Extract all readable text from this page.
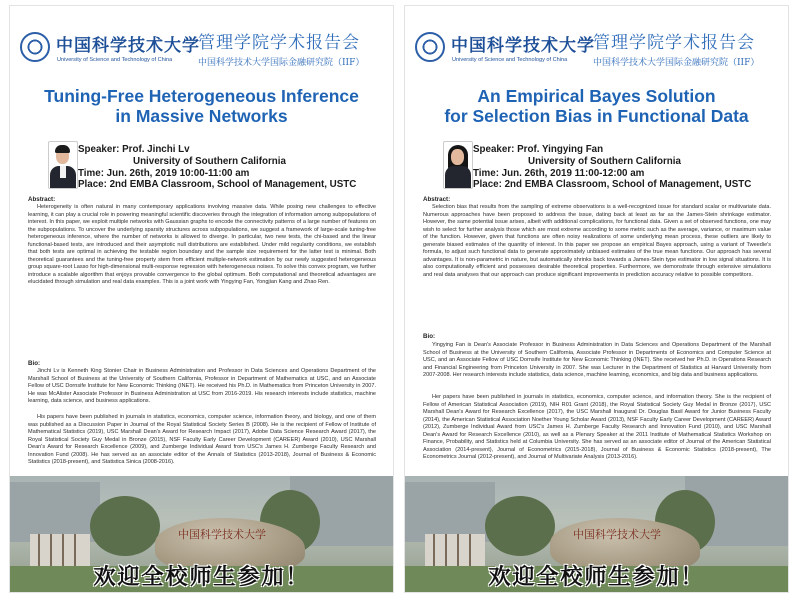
中国科学技术大学
University of Science and Technology of China
管理学院学术报告会
中国科学技术大学国际金融研究院（IIF）
Tuning-Free Heterogeneous Inference
in Massive Networks
Speaker: Prof. Jinchi Lv
University of Southern California
Time: Jun. 26th, 2019 10:00-11:00 am
Place: 2nd EMBA Classroom, School of Management, USTC
Abstract:

Heterogeneity is often natural in many contemporary applications involving massive data. While posing new challenges to effective learning, it can play a crucial role in powering meaningful scientific discoveries through the integration of information among subpopulations of interest. In this paper, we exploit multiple networks with Gaussian graphs to encode the connectivity patterns of a large number of features on the subpopulations. To uncover the underlying sparsity structures across subpopulations, we suggest a framework of large-scale tuning-free heterogeneous inference, where the number of networks is allowed to diverge. In particular, two new tests, the chi-based and the linear functional-based tests, are introduced and their asymptotic null distributions are established. Under mild regularity conditions, we establish that both tests are optimal in achieving the testable region boundary and the sample size requirement for the latter test is minimal. Both theoretical guarantees and the tuning-free property stem from efficient multiple-network estimation by our newly suggested heterogeneous group square-root Lasso for high-dimensional multi-response regression with heterogeneous noises. To solve this convex program, we further introduce a scalable algorithm that enjoys provable convergence to the global optimum. Both computational and theoretical advantages are elucidated through simulation and real data examples. This is a joint work with Yingying Fan, Yongjian Kang and Zhao Ren.

Bio:

Jinchi Lv is Kenneth King Stonier Chair in Business Administration and Professor in Data Sciences and Operations Department of the Marshall School of Business at the University of Southern California, Professor in Department of Mathematics at USC, and an Associate Fellow of USC Dornsife Institute for New Economic Thinking (INET). He received his Ph.D. in Mathematics from Princeton University in 2007. He was McAlister Associate Professor in Business Administration at USC from 2016-2019. His research interests include statistics, machine learning, data science, and business applications.

His papers have been published in journals in statistics, economics, computer science, information theory, and biology, and one of them was published as a Discussion Paper in Journal of the Royal Statistical Society Series B (2008). He is the recipient of Fellow of Institute of Mathematical Statistics (2019), USC Marshall Dean's Award for Research Impact (2017), Adobe Data Science Research Award (2017), the Royal Statistical Society Guy Medal in Bronze (2015), NSF Faculty Early Career Development (CAREER) Award (2010), USC Marshall Dean's Award for Research Excellence (2009), and Zumberge Individual Award from USC's James H. Zumberge Faculty Research and Innovation Fund (2008). He has served as an associate editor of the Annals of Statistics (2013-2018), Journal of Business & Economic Statistics (2018-present), and Statistica Sinica (2008-2016).

中国科学技术大学
欢迎全校师生参加！
中国科学技术大学
University of Science and Technology of China
管理学院学术报告会
中国科学技术大学国际金融研究院（IIF）
An Empirical Bayes Solution
for Selection Bias in Functional Data
Speaker: Prof. Yingying Fan
University of Southern California
Time: Jun. 26th, 2019 11:00-12:00 am
Place: 2nd EMBA Classroom, School of Management, USTC
Abstract:

Selection bias that results from the sampling of extreme observations is a well-recognized issue for standard scalar or multivariate data. Numerous approaches have been proposed to address the issue, dating back at least as far as the James-Stein shrinkage estimator. However, the same potential issue arises, albeit with additional complications, for functional data. Given a set of observed functions, one may wish to select for further analysis those which are most extreme according to some metric such as the average, variance, or maximum value of the function. However, given that functions are often noisy realizations of some underlying mean process, these outliers are likely to generate biased estimates of the quantity of interest. In this paper we propose an empirical Bayes approach, using a variant of Tweedie's formula, to adjust such functional data to generate approximately unbiased estimates of the true mean functions. Our approach has several advantages. It is non-parametric in nature, but automatically shrinks back towards a James-Stein type estimator in low signal situations. It is also computationally efficient and possesses desirable theoretical properties. Furthermore, we demonstrate through extensive simulations and real data analyses that our approach can produce significant improvements in prediction accuracy relative to possible competitors.

Bio:

Yingying Fan is Dean's Associate Professor in Business Administration in Data Sciences and Operations Department of the Marshall School of Business at the University of Southern California, Associate Professor in Departments of Economics and Computer Science at USC, and an Associate Fellow of USC Dornsife Institute for New Economic Thinking (INET). She received her Ph.D. in Operations Research and Financial Engineering from Princeton University in 2007. She was Lecturer in the Department of Statistics at Harvard University from 2007-2008. Her research interests include statistics, data science, machine learning, economics, and big data and business applications.

Her papers have been published in journals in statistics, economics, computer science, and information theory. She is the recipient of Fellow of American Statistical Association (2019), NIH R01 Grant (2018), the Royal Statistical Society Guy Medal in Bronze (2017), USC Marshall Dean's Award for Research Excellence (2017), the USC Marshall Inaugural Dr. Douglas Basil Award for Junior Business Faculty (2014), the American Statistical Association Noether Young Scholar Award (2013), NSF Faculty Early Career Development (CAREER) Award (2012), Zumberge Individual Award from USC's James H. Zumberge Faculty Research and Innovation Fund (2010), and USC Marshall Dean's Award for Research Excellence (2010), as well as a Plenary Speaker at the 2011 Institute of Mathematical Statistics Workshop on Finance, Probability, and Statistics held at Columbia University. She has served as an associate editor of Journal of the American Statistical Association (2014-present), Journal of Econometrics (2015-2018), Journal of Business & Economic Statistics (2018-present), The Econometrics Journal (2012-present), and Journal of Multivariate Analysis (2013-2016).

中国科学技术大学
欢迎全校师生参加！
